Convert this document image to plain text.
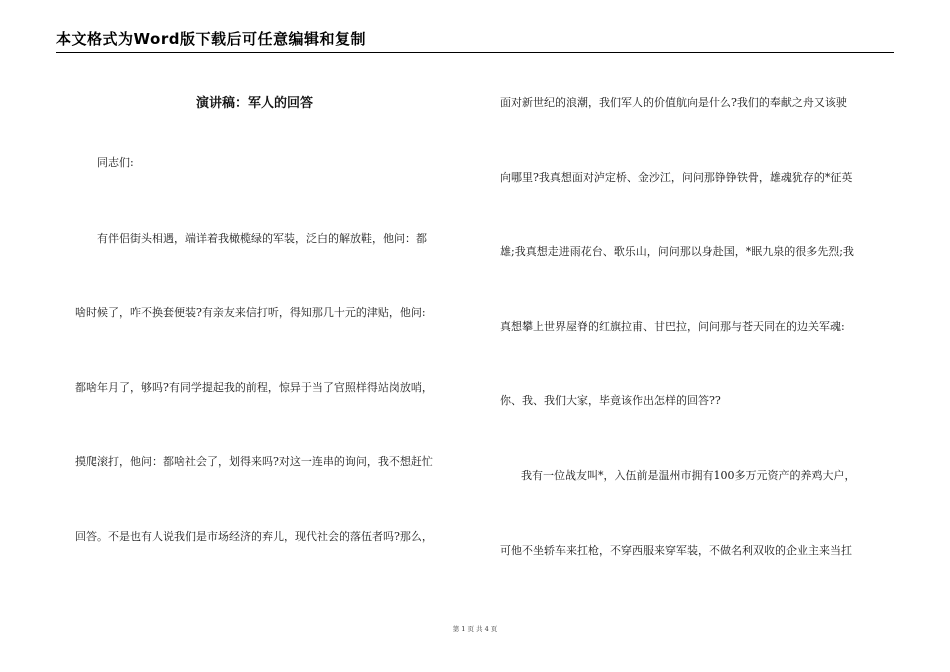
本文格式为Word版下载后可任意编辑和复制
演讲稿：军人的回答
同志们:
有伴侣街头相遇，端详着我橄榄绿的军装，泛白的解放鞋，他问：都
啥时候了，咋不换套便装?有亲友来信打听，得知那几十元的津贴，他问:
都啥年月了，够吗?有同学提起我的前程，惊异于当了官照样得站岗放哨，
摸爬滚打，他问：都啥社会了，划得来吗?对这一连串的询问，我不想赶忙
回答。不是也有人说我们是市场经济的弃儿，现代社会的落伍者吗?那么，
面对新世纪的浪潮，我们军人的价值航向是什么?我们的奉献之舟又该驶
向哪里?我真想面对泸定桥、金沙江，问问那铮铮铁骨，雄魂犹存的*征英
雄;我真想走进雨花台、歌乐山，问问那以身赴国，*眠九泉的很多先烈;我
真想攀上世界屋脊的红旗拉甫、甘巴拉，问问那与苍天同在的边关军魂:
你、我、我们大家，毕竟该作出怎样的回答??
我有一位战友叫*，入伍前是温州市拥有100多万元资产的养鸡大户，
可他不坐轿车来扛枪，不穿西服来穿军装，不做名利双收的企业主来当扛
第 1 页 共 4 页
